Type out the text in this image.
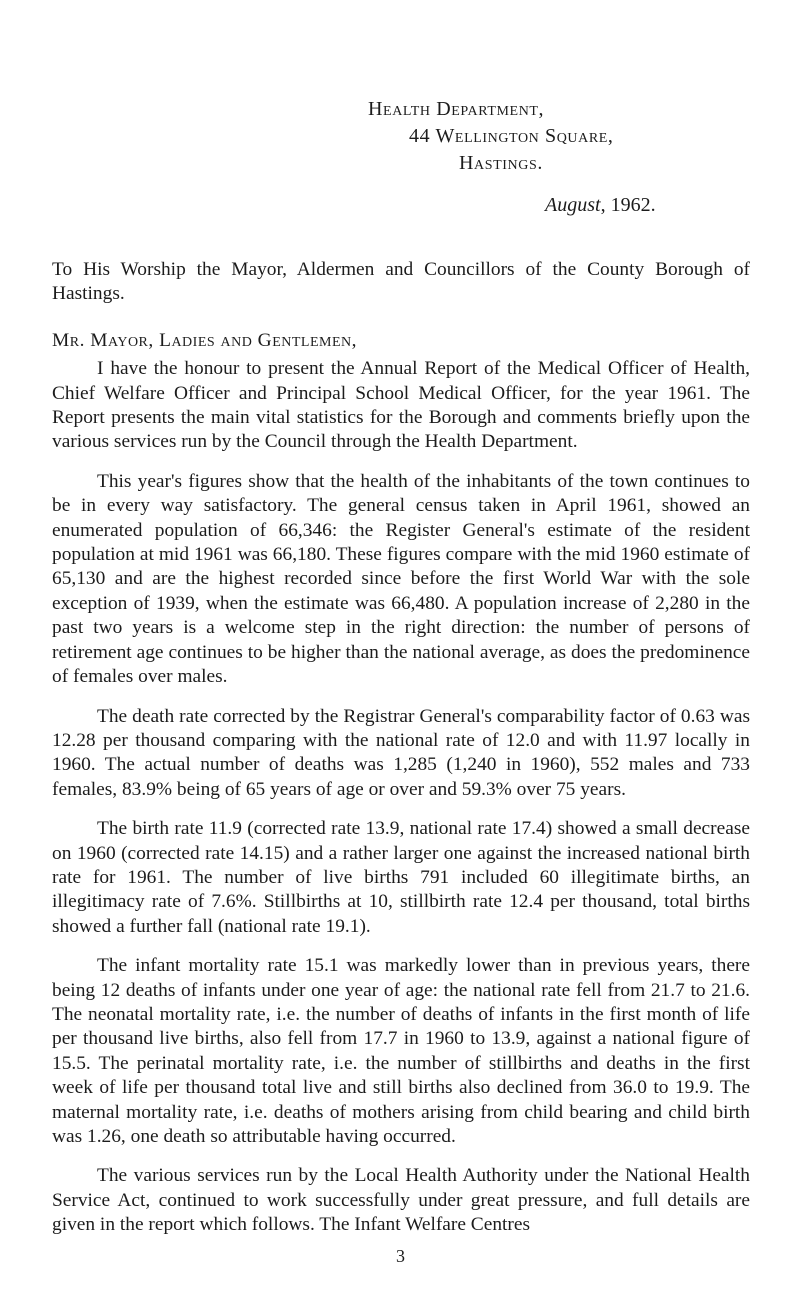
Health Department,
44 Wellington Square,
Hastings.
August, 1962.

To His Worship the Mayor, Aldermen and Councillors of the County Borough of Hastings.

Mr. Mayor, Ladies and Gentlemen,

I have the honour to present the Annual Report of the Medical Officer of Health, Chief Welfare Officer and Principal School Medical Officer, for the year 1961. The Report presents the main vital statistics for the Borough and comments briefly upon the various services run by the Council through the Health Department.

This year's figures show that the health of the inhabitants of the town continues to be in every way satisfactory. The general census taken in April 1961, showed an enumerated population of 66,346: the Register General's estimate of the resident population at mid 1961 was 66,180. These figures compare with the mid 1960 estimate of 65,130 and are the highest recorded since before the first World War with the sole exception of 1939, when the estimate was 66,480. A population increase of 2,280 in the past two years is a welcome step in the right direction: the number of persons of retirement age continues to be higher than the national average, as does the predominence of females over males.

The death rate corrected by the Registrar General's comparability factor of 0.63 was 12.28 per thousand comparing with the national rate of 12.0 and with 11.97 locally in 1960. The actual number of deaths was 1,285 (1,240 in 1960), 552 males and 733 females, 83.9% being of 65 years of age or over and 59.3% over 75 years.

The birth rate 11.9 (corrected rate 13.9, national rate 17.4) showed a small decrease on 1960 (corrected rate 14.15) and a rather larger one against the increased national birth rate for 1961. The number of live births 791 included 60 illegitimate births, an illegitimacy rate of 7.6%. Stillbirths at 10, stillbirth rate 12.4 per thousand, total births showed a further fall (national rate 19.1).

The infant mortality rate 15.1 was markedly lower than in previous years, there being 12 deaths of infants under one year of age: the national rate fell from 21.7 to 21.6. The neonatal mortality rate, i.e. the number of deaths of infants in the first month of life per thousand live births, also fell from 17.7 in 1960 to 13.9, against a national figure of 15.5. The perinatal mortality rate, i.e. the number of stillbirths and deaths in the first week of life per thousand total live and still births also declined from 36.0 to 19.9. The maternal mortality rate, i.e. deaths of mothers arising from child bearing and child birth was 1.26, one death so attributable having occurred.

The various services run by the Local Health Authority under the National Health Service Act, continued to work successfully under great pressure, and full details are given in the report which follows. The Infant Welfare Centres

3
